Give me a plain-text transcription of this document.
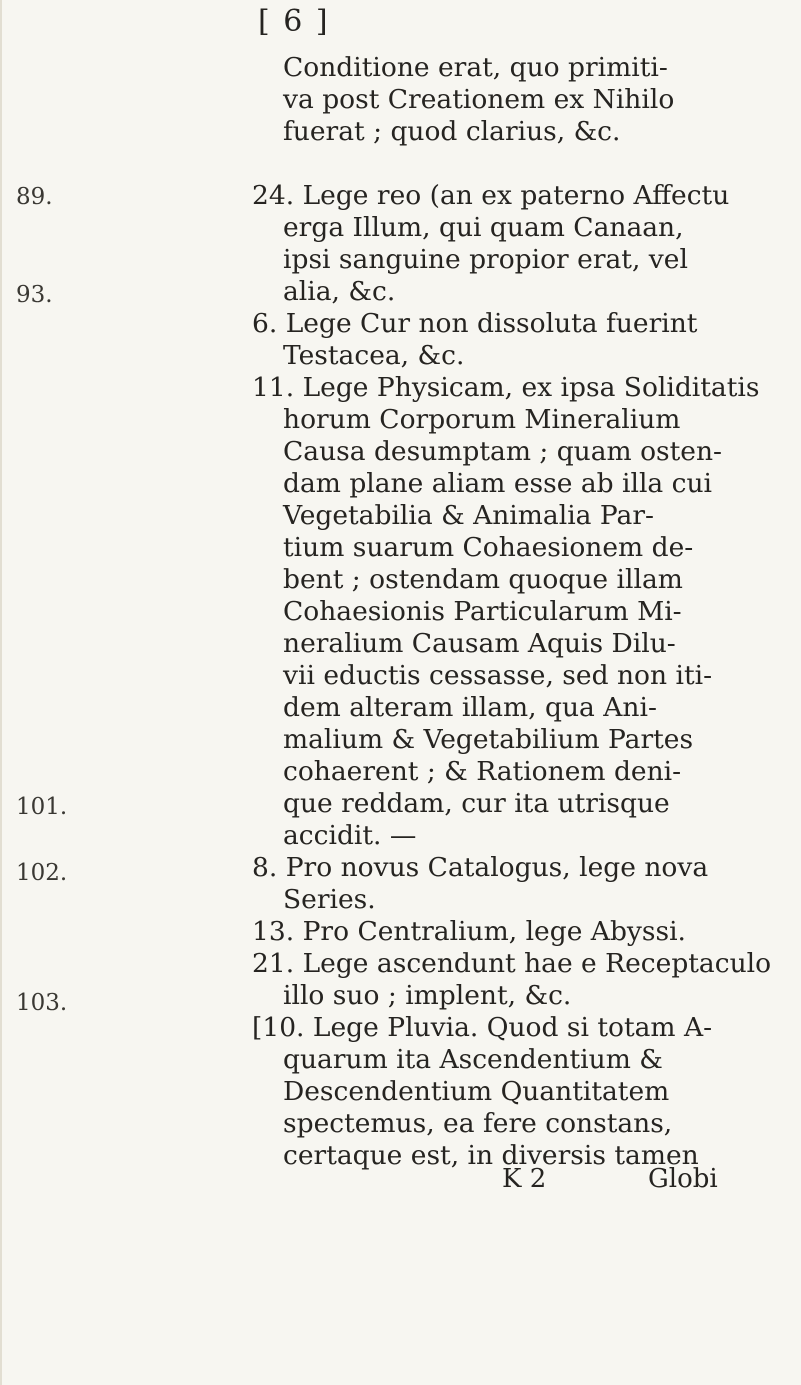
[ 6 ]
89.
93.
101.
102.
103.
Conditione erat, quo primiti-
va post Creationem ex Nihilo
fuerat ; quod clarius, &c.
24. Lege reo (an ex paterno Affectu
erga Illum, qui quam Canaan,
ipsi sanguine propior erat, vel
alia, &c.
6. Lege Cur non dissoluta fuerint
Testacea, &c.
11. Lege Physicam, ex ipsa Soliditatis
horum Corporum Mineralium
Causa desumptam ; quam osten-
dam plane aliam esse ab illa cui
Vegetabilia & Animalia Par-
tium suarum Cohaesionem de-
bent ; ostendam quoque illam
Cohaesionis Particularum Mi-
neralium Causam Aquis Dilu-
vii eductis cessasse, sed non iti-
dem alteram illam, qua Ani-
malium & Vegetabilium Partes
cohaerent ; & Rationem deni-
que reddam, cur ita utrisque
accidit. —
8. Pro novus Catalogus, lege nova
Series.
13. Pro Centralium, lege Abyssi.
21. Lege ascendunt hae e Receptaculo
illo suo ; implent, &c.
[10. Lege Pluvia. Quod si totam A-
quarum ita Ascendentium &
Descendentium Quantitatem
spectemus, ea fere constans,
certaque est, in diversis tamen
K 2	Globi
